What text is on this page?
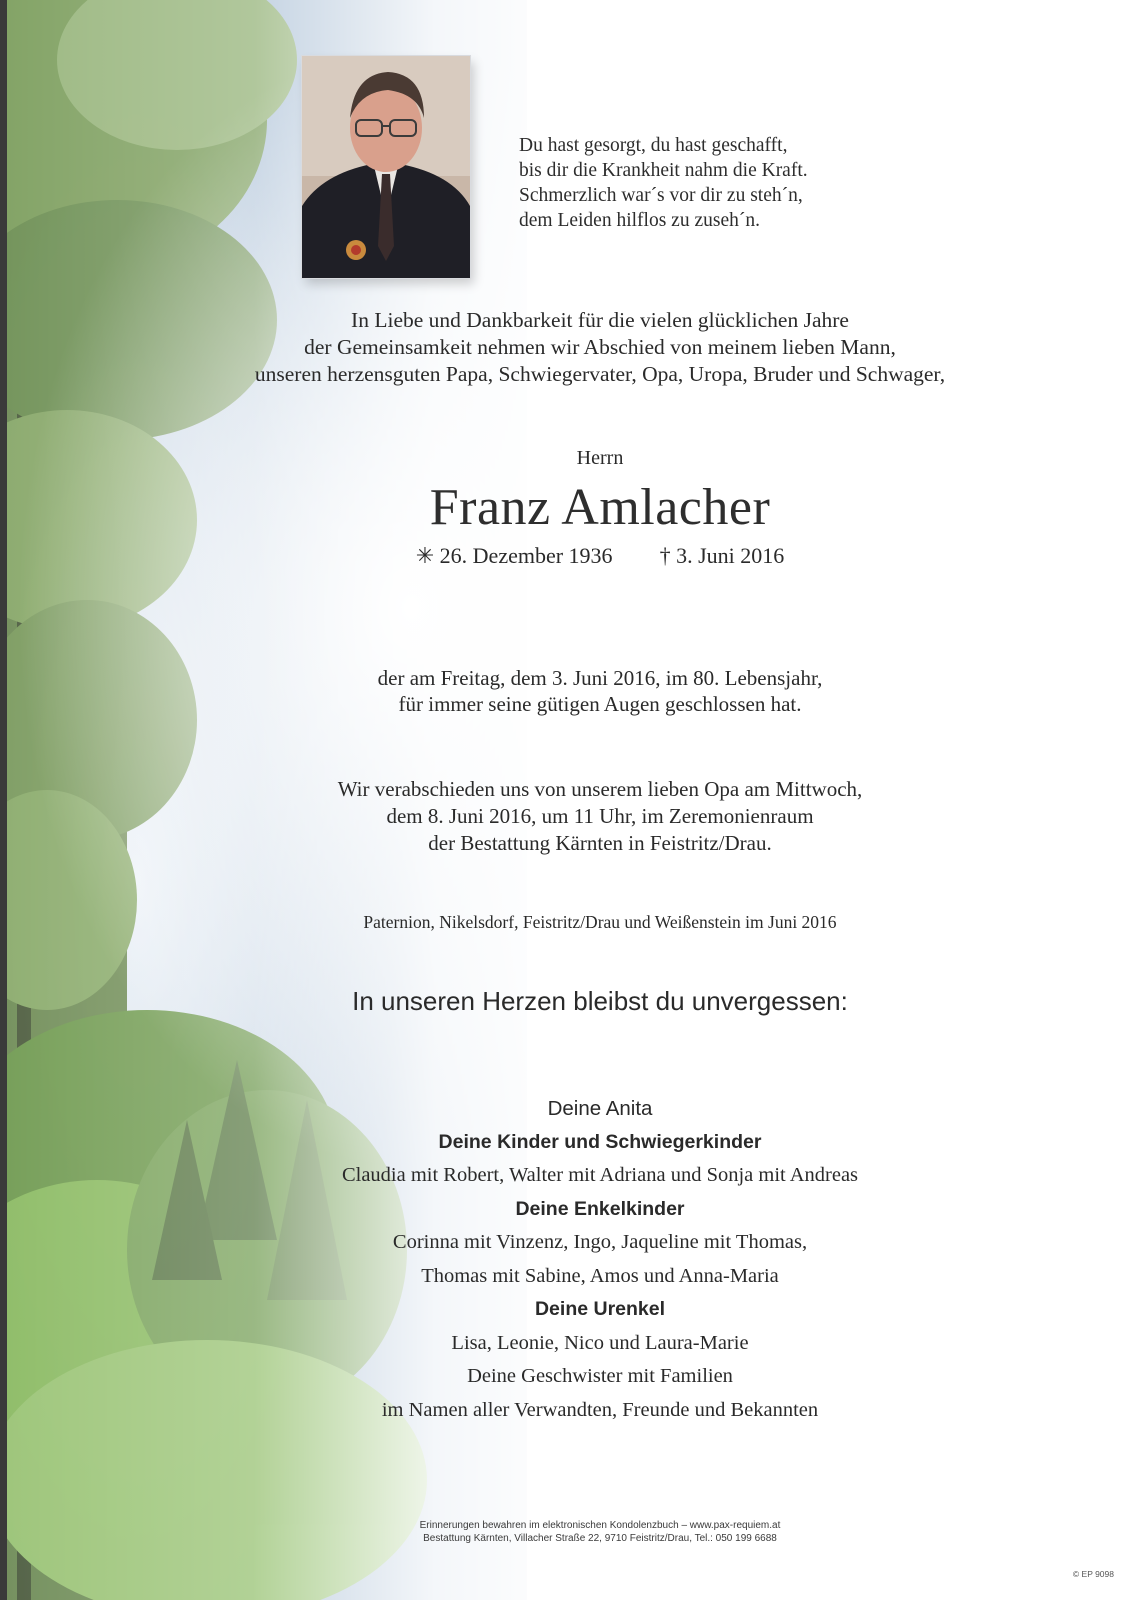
Du hast gesorgt, du hast geschafft,
bis dir die Krankheit nahm die Kraft.
Schmerzlich war´s vor dir zu steh´n,
dem Leiden hilflos zu zuseh´n.
In Liebe und Dankbarkeit für die vielen glücklichen Jahre
der Gemeinsamkeit nehmen wir Abschied von meinem lieben Mann,
unseren herzensguten Papa, Schwiegervater, Opa, Uropa, Bruder und Schwager,
Herrn
Franz Amlacher
✳ 26. Dezember 1936 † 3. Juni 2016
der am Freitag, dem 3. Juni 2016, im 80. Lebensjahr,
für immer seine gütigen Augen geschlossen hat.
Wir verabschieden uns von unserem lieben Opa am Mittwoch,
dem 8. Juni 2016, um 11 Uhr, im Zeremonienraum
der Bestattung Kärnten in Feistritz/Drau.
Paternion, Nikelsdorf, Feistritz/Drau und Weißenstein im Juni 2016
In unseren Herzen bleibst du unvergessen:
Deine Anita
Deine Kinder und Schwiegerkinder
Claudia mit Robert, Walter mit Adriana und Sonja mit Andreas
Deine Enkelkinder
Corinna mit Vinzenz, Ingo, Jaqueline mit Thomas,
Thomas mit Sabine, Amos und Anna-Maria
Deine Urenkel
Lisa, Leonie, Nico und Laura-Marie
Deine Geschwister mit Familien
im Namen aller Verwandten, Freunde und Bekannten
Erinnerungen bewahren im elektronischen Kondolenzbuch – www.pax-requiem.at
Bestattung Kärnten, Villacher Straße 22, 9710 Feistritz/Drau, Tel.: 050 199 6688
© EP 9098
